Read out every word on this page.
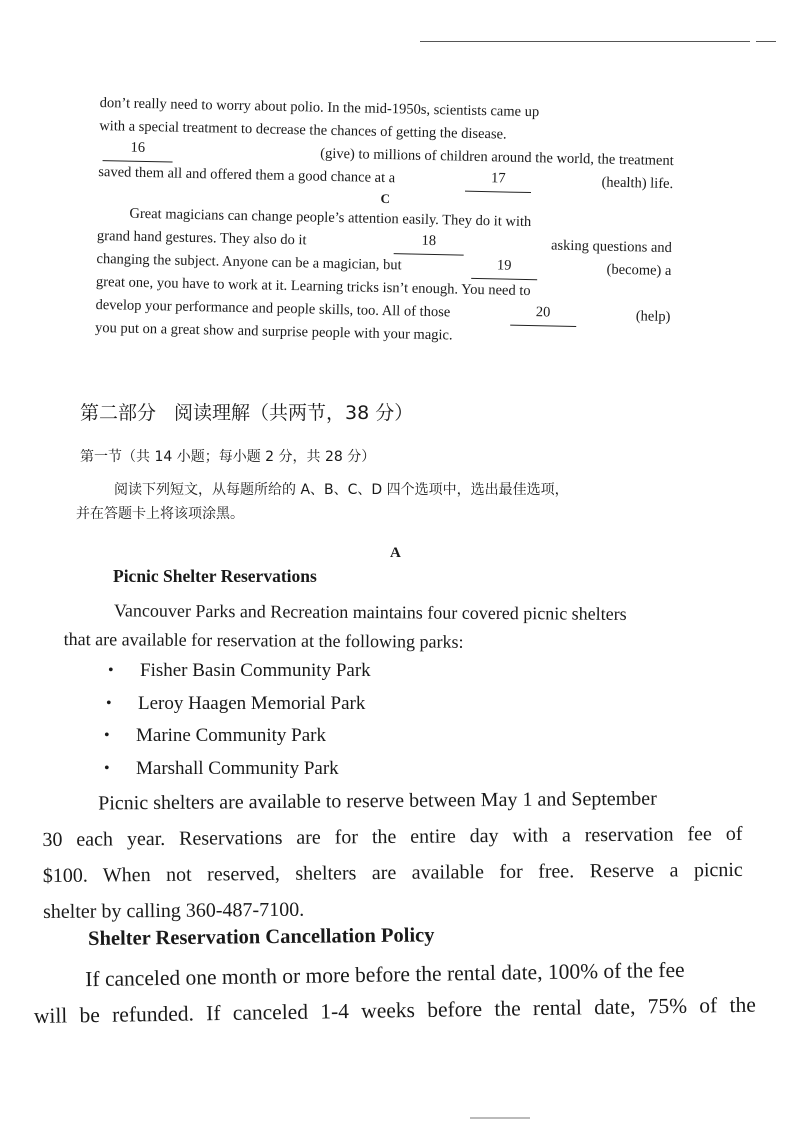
don’t really need to worry about polio. In the mid-1950s, scientists came up
with a special treatment to decrease the chances of getting the disease.
16	(give) to millions of children around the world, the treatment
saved them all and offered them a good chance at a	17	(health) life.
C
Great magicians can change people’s attention easily. They do it with
grand hand gestures. They also do it	18	asking questions and
changing the subject. Anyone can be a magician, but	19	(become) a
great one, you have to work at it. Learning tricks isn’t enough. You need to
develop your performance and people skills, too. All of those	20	(help)
you put on a great show and surprise people with your magic.
第二部分 阅读理解（共两节，38 分）
第一节（共 14 小题；每小题 2 分，共 28 分）
阅读下列短文，从每题所给的 A、B、C、D 四个选项中，选出最佳选项，
并在答题卡上将该项涂黑。
A
Picnic Shelter Reservations
Vancouver Parks and Recreation maintains four covered picnic shelters
that are available for reservation at the following parks:
•	Fisher Basin Community Park
•	Leroy Haagen Memorial Park
•	Marine Community Park
•	Marshall Community Park
Picnic shelters are available to reserve between May 1 and September
30 each year. Reservations are for the entire day with a reservation fee of
$100. When not reserved, shelters are available for free. Reserve a picnic
shelter by calling 360-487-7100.
Shelter Reservation Cancellation Policy
If canceled one month or more before the rental date, 100% of the fee
will be refunded. If canceled 1-4 weeks before the rental date, 75% of the
